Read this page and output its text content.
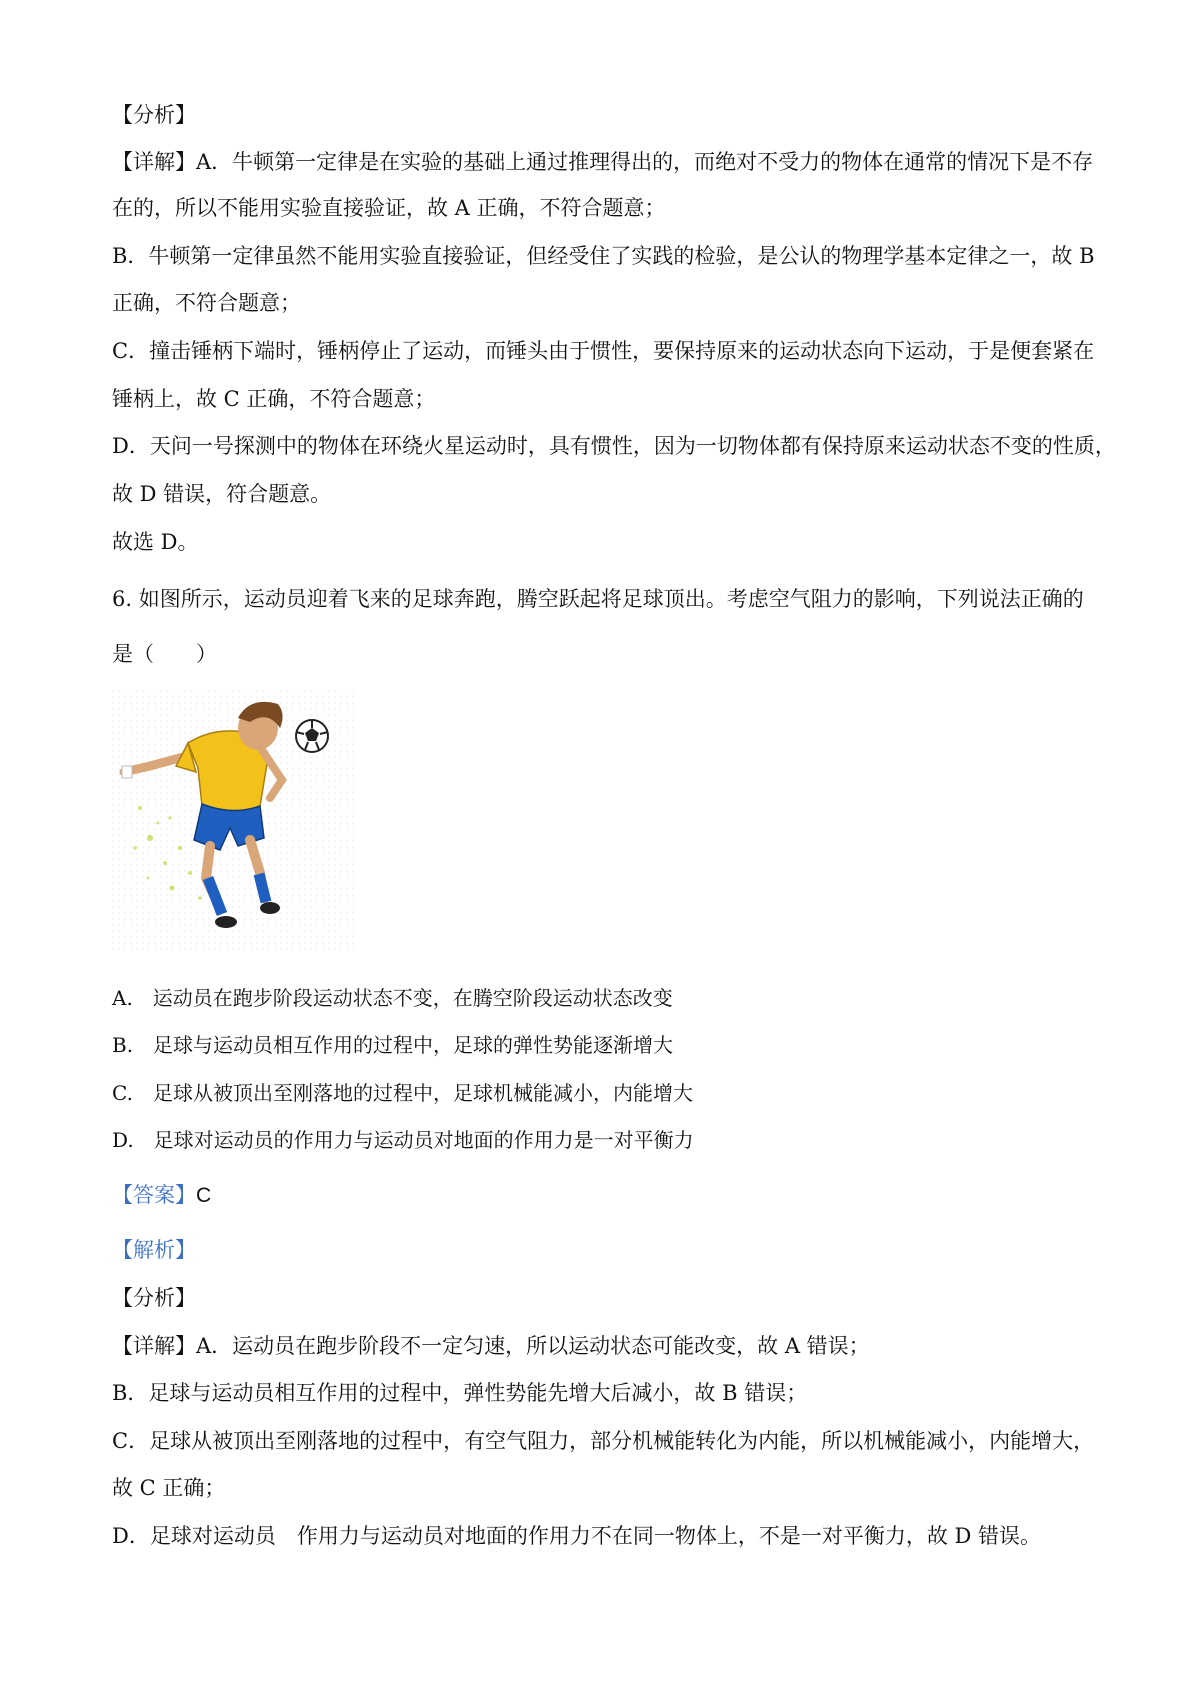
【分析】
【详解】A．牛顿第一定律是在实验的基础上通过推理得出的，而绝对不受力的物体在通常的情况下是不存
在的，所以不能用实验直接验证，故 A 正确，不符合题意；
B．牛顿第一定律虽然不能用实验直接验证，但经受住了实践的检验，是公认的物理学基本定律之一，故 B
正确，不符合题意；
C．撞击锤柄下端时，锤柄停止了运动，而锤头由于惯性，要保持原来的运动状态向下运动，于是便套紧在
锤柄上，故 C 正确，不符合题意；
D．天问一号探测中的物体在环绕火星运动时，具有惯性，因为一切物体都有保持原来运动状态不变的性质，
故 D 错误，符合题意。
故选 D。
6. 如图所示，运动员迎着飞来的足球奔跑，腾空跃起将足球顶出。考虑空气阻力的影响，下列说法正确的
是（　　）
A.　运动员在跑步阶段运动状态不变，在腾空阶段运动状态改变
B.　足球与运动员相互作用的过程中，足球的弹性势能逐渐增大
C.　足球从被顶出至刚落地的过程中，足球机械能减小，内能增大
D.　足球对运动员的作用力与运动员对地面的作用力是一对平衡力
【答案】C
【解析】
【分析】
【详解】A．运动员在跑步阶段不一定匀速，所以运动状态可能改变，故 A 错误；
B．足球与运动员相互作用的过程中，弹性势能先增大后减小，故 B 错误；
C．足球从被顶出至刚落地的过程中，有空气阻力，部分机械能转化为内能，所以机械能减小，内能增大，
故 C 正确；
D．足球对运动员　作用力与运动员对地面的作用力不在同一物体上，不是一对平衡力，故 D 错误。
